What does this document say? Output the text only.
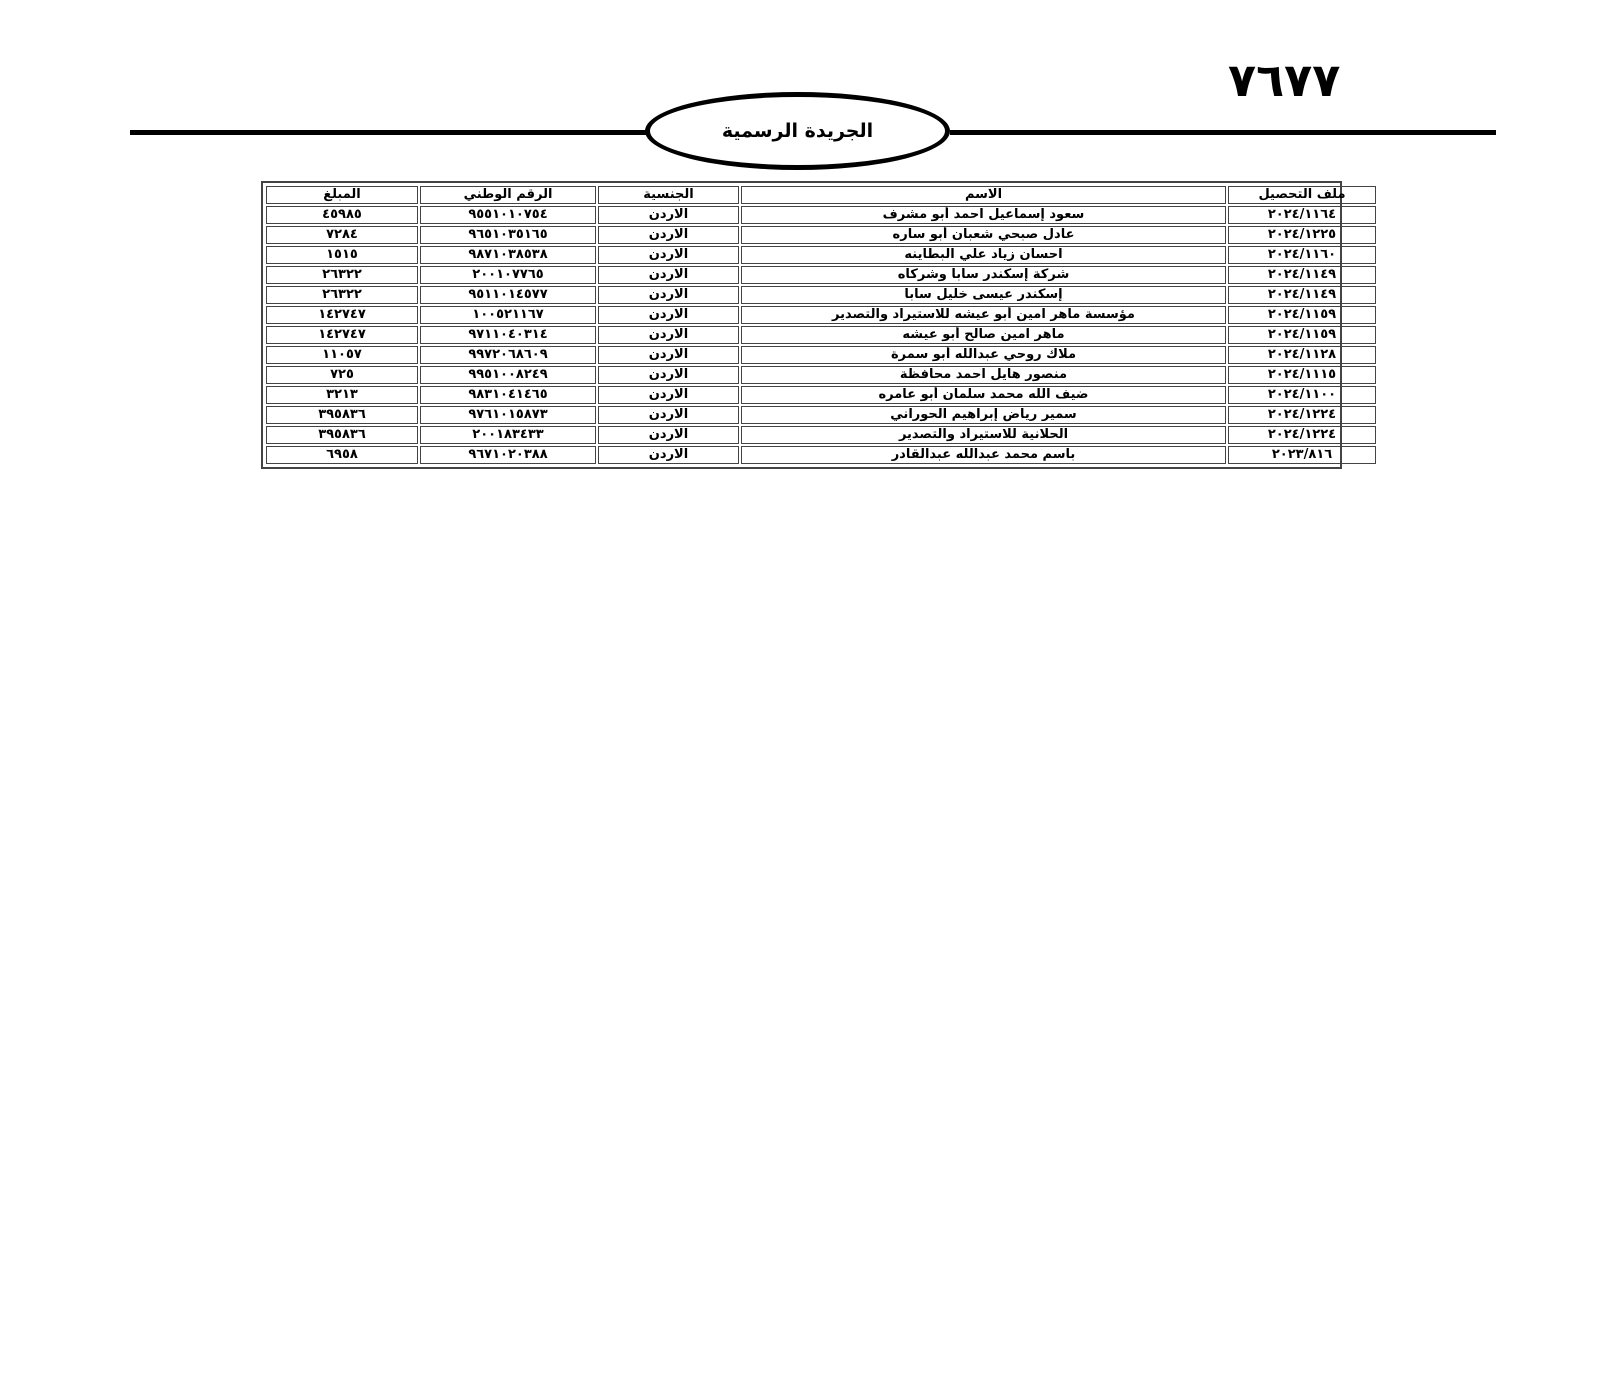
٧٦٧٧
الجريدة الرسمية
ملف التحصيل	الاسم	الجنسية	الرقم الوطني	المبلغ
٢٠٢٤/١١٦٤	سعود إسماعيل احمد أبو مشرف	الاردن	٩٥٥١٠١٠٧٥٤	٤٥٩٨٥
٢٠٢٤/١٢٢٥	عادل صبحي شعبان أبو ساره	الاردن	٩٦٥١٠٣٥١٦٥	٧٢٨٤
٢٠٢٤/١١٦٠	احسان زياد علي البطاينه	الاردن	٩٨٧١٠٣٨٥٣٨	١٥١٥
٢٠٢٤/١١٤٩	شركة إسكندر سابا وشركاه	الاردن	٢٠٠١٠٧٧٦٥	٢٦٣٢٢
٢٠٢٤/١١٤٩	إسكندر عيسى خليل سابا	الاردن	٩٥١١٠١٤٥٧٧	٢٦٣٢٢
٢٠٢٤/١١٥٩	مؤسسة ماهر امين أبو عيشه للاستيراد والتصدير	الاردن	١٠٠٥٢١١٦٧	١٤٢٧٤٧
٢٠٢٤/١١٥٩	ماهر امين صالح أبو عيشه	الاردن	٩٧١١٠٤٠٣١٤	١٤٢٧٤٧
٢٠٢٤/١١٢٨	ملاك روحي عبدالله أبو سمرة	الاردن	٩٩٧٢٠٦٨٦٠٩	١١٠٥٧
٢٠٢٤/١١١٥	منصور هايل احمد محافظة	الاردن	٩٩٥١٠٠٨٢٤٩	٧٢٥
٢٠٢٤/١١٠٠	ضيف الله محمد سلمان أبو عامره	الاردن	٩٨٣١٠٤١٤٦٥	٣٢١٣
٢٠٢٤/١٢٢٤	سمير رياض إبراهيم الحوراني	الاردن	٩٧٦١٠١٥٨٧٣	٣٩٥٨٣٦
٢٠٢٤/١٢٢٤	الحلانية للاستيراد والتصدير	الاردن	٢٠٠١٨٣٤٣٣	٣٩٥٨٣٦
٢٠٢٣/٨١٦	باسم محمد عبدالله عبدالقادر	الاردن	٩٦٧١٠٢٠٣٨٨	٦٩٥٨
